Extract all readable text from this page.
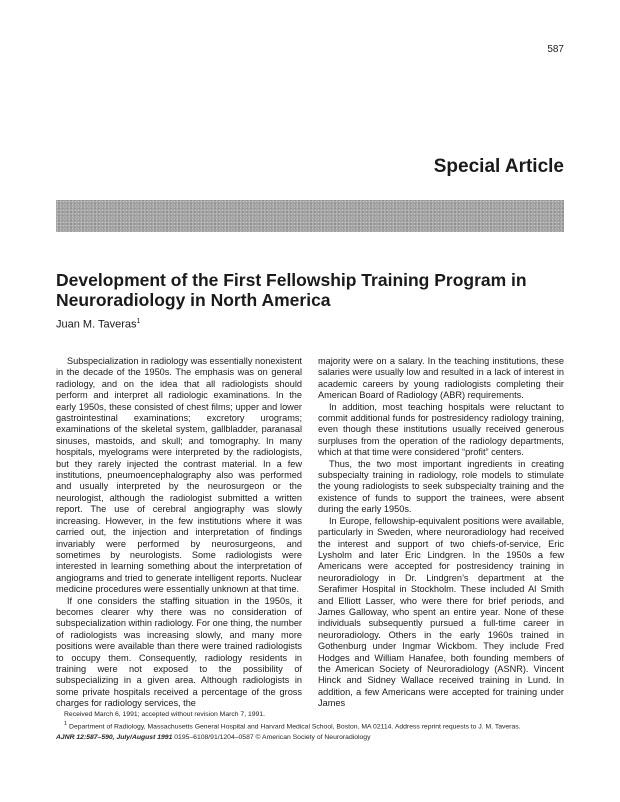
587
Special Article
Development of the First Fellowship Training Program in Neuroradiology in North America
Juan M. Taveras$^1$

Subspecialization in radiology was essentially nonexistent in the decade of the 1950s. The emphasis was on general radiology, and on the idea that all radiologists should perform and interpret all radiologic examinations. In the early 1950s, these consisted of chest films; upper and lower gastrointestinal examinations; excretory urograms; examinations of the skeletal system, gallbladder, paranasal sinuses, mastoids, and skull; and tomography. In many hospitals, myelograms were interpreted by the radiologists, but they rarely injected the contrast material. In a few institutions, pneumoencephalography also was performed and usually interpreted by the neurosurgeon or the neurologist, although the radiologist submitted a written report. The use of cerebral angiography was slowly increasing. However, in the few institutions where it was carried out, the injection and interpretation of findings invariably were performed by neurosurgeons, and sometimes by neurologists. Some radiologists were interested in learning something about the interpretation of angiograms and tried to generate intelligent reports. Nuclear medicine procedures were essentially unknown at that time.

If one considers the staffing situation in the 1950s, it becomes clearer why there was no consideration of subspecialization within radiology. For one thing, the number of radiologists was increasing slowly, and many more positions were available than there were trained radiologists to occupy them. Consequently, radiology residents in training were not exposed to the possibility of subspecializing in a given area. Although radiologists in some private hospitals received a percentage of the gross charges for radiology services, the

majority were on a salary. In the teaching institutions, these salaries were usually low and resulted in a lack of interest in academic careers by young radiologists completing their American Board of Radiology (ABR) requirements.

In addition, most teaching hospitals were reluctant to commit additional funds for postresidency radiology training, even though these institutions usually received generous surpluses from the operation of the radiology departments, which at that time were considered “profit” centers.

Thus, the two most important ingredients in creating subspecialty training in radiology, role models to stimulate the young radiologists to seek subspecialty training and the existence of funds to support the trainees, were absent during the early 1950s.

In Europe, fellowship-equivalent positions were available, particularly in Sweden, where neuroradiology had received the interest and support of two chiefs-of-service, Eric Lysholm and later Eric Lindgren. In the 1950s a few Americans were accepted for postresidency training in neuroradiology in Dr. Lindgren’s department at the Serafimer Hospital in Stockholm. These included Al Smith and Elliott Lasser, who were there for brief periods, and James Galloway, who spent an entire year. None of these individuals subsequently pursued a full-time career in neuroradiology. Others in the early 1960s trained in Gothenburg under Ingmar Wickbom. They include Fred Hodges and William Hanafee, both founding members of the American Society of Neuroradiology (ASNR). Vincent Hinck and Sidney Wallace received training in Lund. In addition, a few Americans were accepted for training under James

Received March 6, 1991; accepted without revision March 7, 1991.
$^1$ Department of Radiology, Massachusetts General Hospital and Harvard Medical School, Boston, MA 02114. Address reprint requests to J. M. Taveras.
AJNR 12:587–590, July/August 1991 0195–6108/91/1204–0587 © American Society of Neuroradiology
